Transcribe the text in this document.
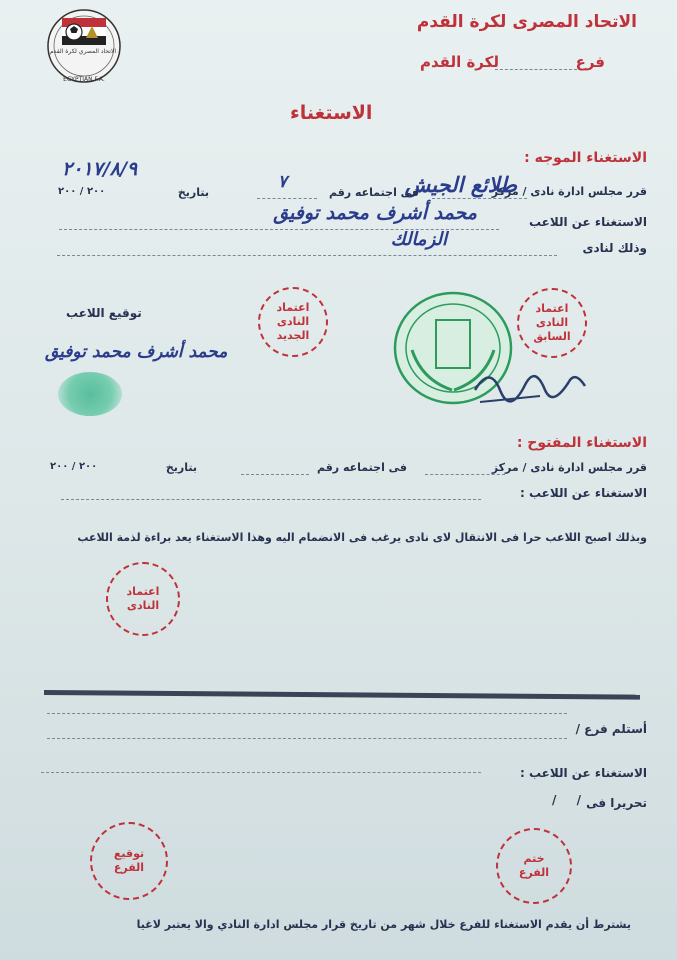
الاتحاد المصري لكرة القدم
EGYPTIAN F.A.
الاتحاد المصرى لكرة القدم
فرع
لكرة القدم
الاستغناء
الاستغناء الموجه :
قرر مجلس ادارة نادى / مركز
طلائع الجيش
فى اجتماعه رقم
٧
بتاريخ
٢٠٠ / ٢٠٠
٢٠١٧/٨/٩
الاستغناء عن اللاعب
محمد أشرف محمد توفيق
وذلك لنادى
الزمالك
توقيع اللاعب
محمد أشرف محمد توفيق
اعتماد
النادى الجديد
اعتماد
النادى السابق
الاستغناء المفتوح :
قرر مجلس ادارة نادى / مركز
فى اجتماعه رقم
بتاريخ
٢٠٠ / ٢٠٠
الاستغناء عن اللاعب :
وبذلك اصبح اللاعب حرا فى الانتقال لاى نادى يرغب فى الانضمام اليه وهذا الاستغناء يعد براءة لذمة اللاعب
اعتماد
النادى
أستلم فرع /
الاستغناء عن اللاعب :
تحريرا فى
/ /
توقيع
الفرع
ختم
الفرع
يشترط أن يقدم الاستغناء للفرع خلال شهر من تاريخ قرار مجلس ادارة النادي والا يعتبر لاغيا
